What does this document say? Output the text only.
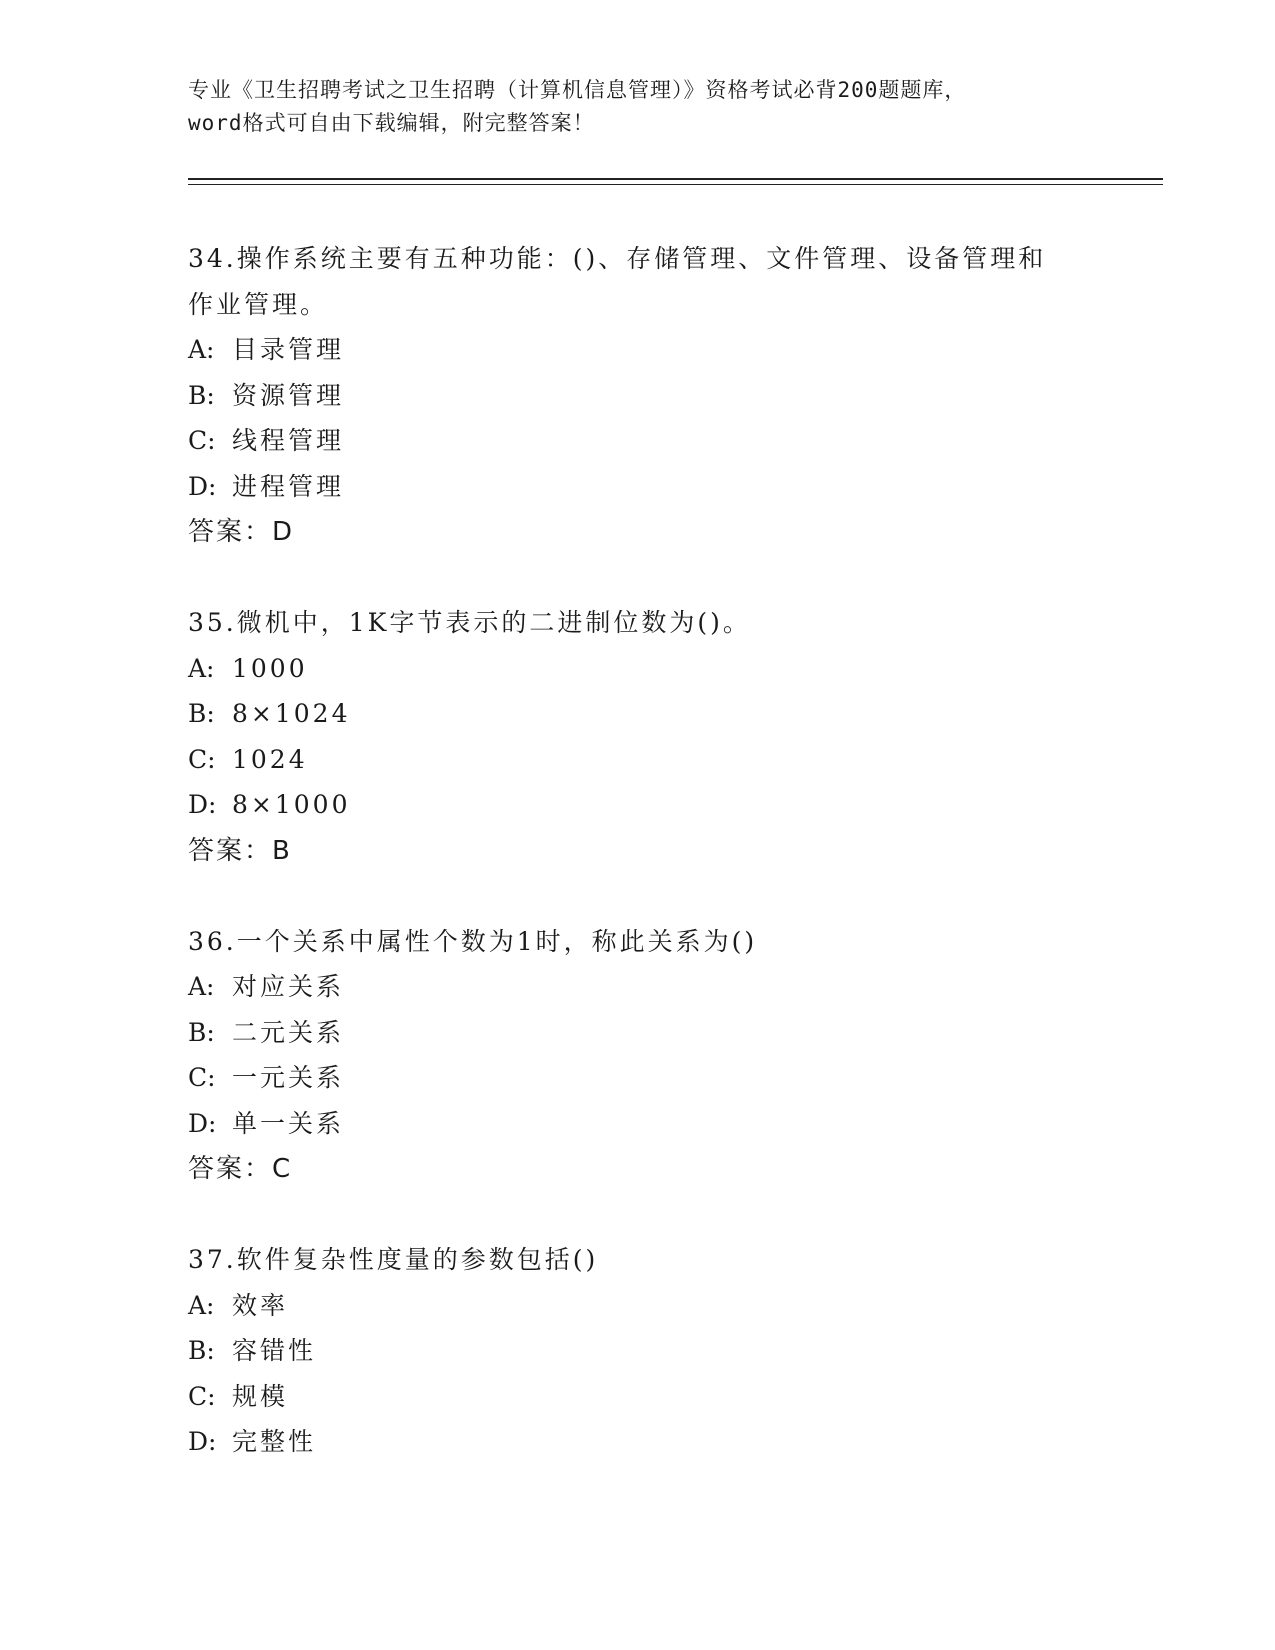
专业《卫生招聘考试之卫生招聘（计算机信息管理）》资格考试必背200题题库，
word格式可自由下载编辑，附完整答案！
34.操作系统主要有五种功能：()、存储管理、文件管理、设备管理和
作业管理。
A: 目录管理
B: 资源管理
C: 线程管理
D: 进程管理
答案：D
35.微机中，1K字节表示的二进制位数为()。
A: 1000
B: 8×1024
C: 1024
D: 8×1000
答案：B
36.一个关系中属性个数为1时，称此关系为()
A: 对应关系
B: 二元关系
C: 一元关系
D: 单一关系
答案：C
37.软件复杂性度量的参数包括()
A: 效率
B: 容错性
C: 规模
D: 完整性
